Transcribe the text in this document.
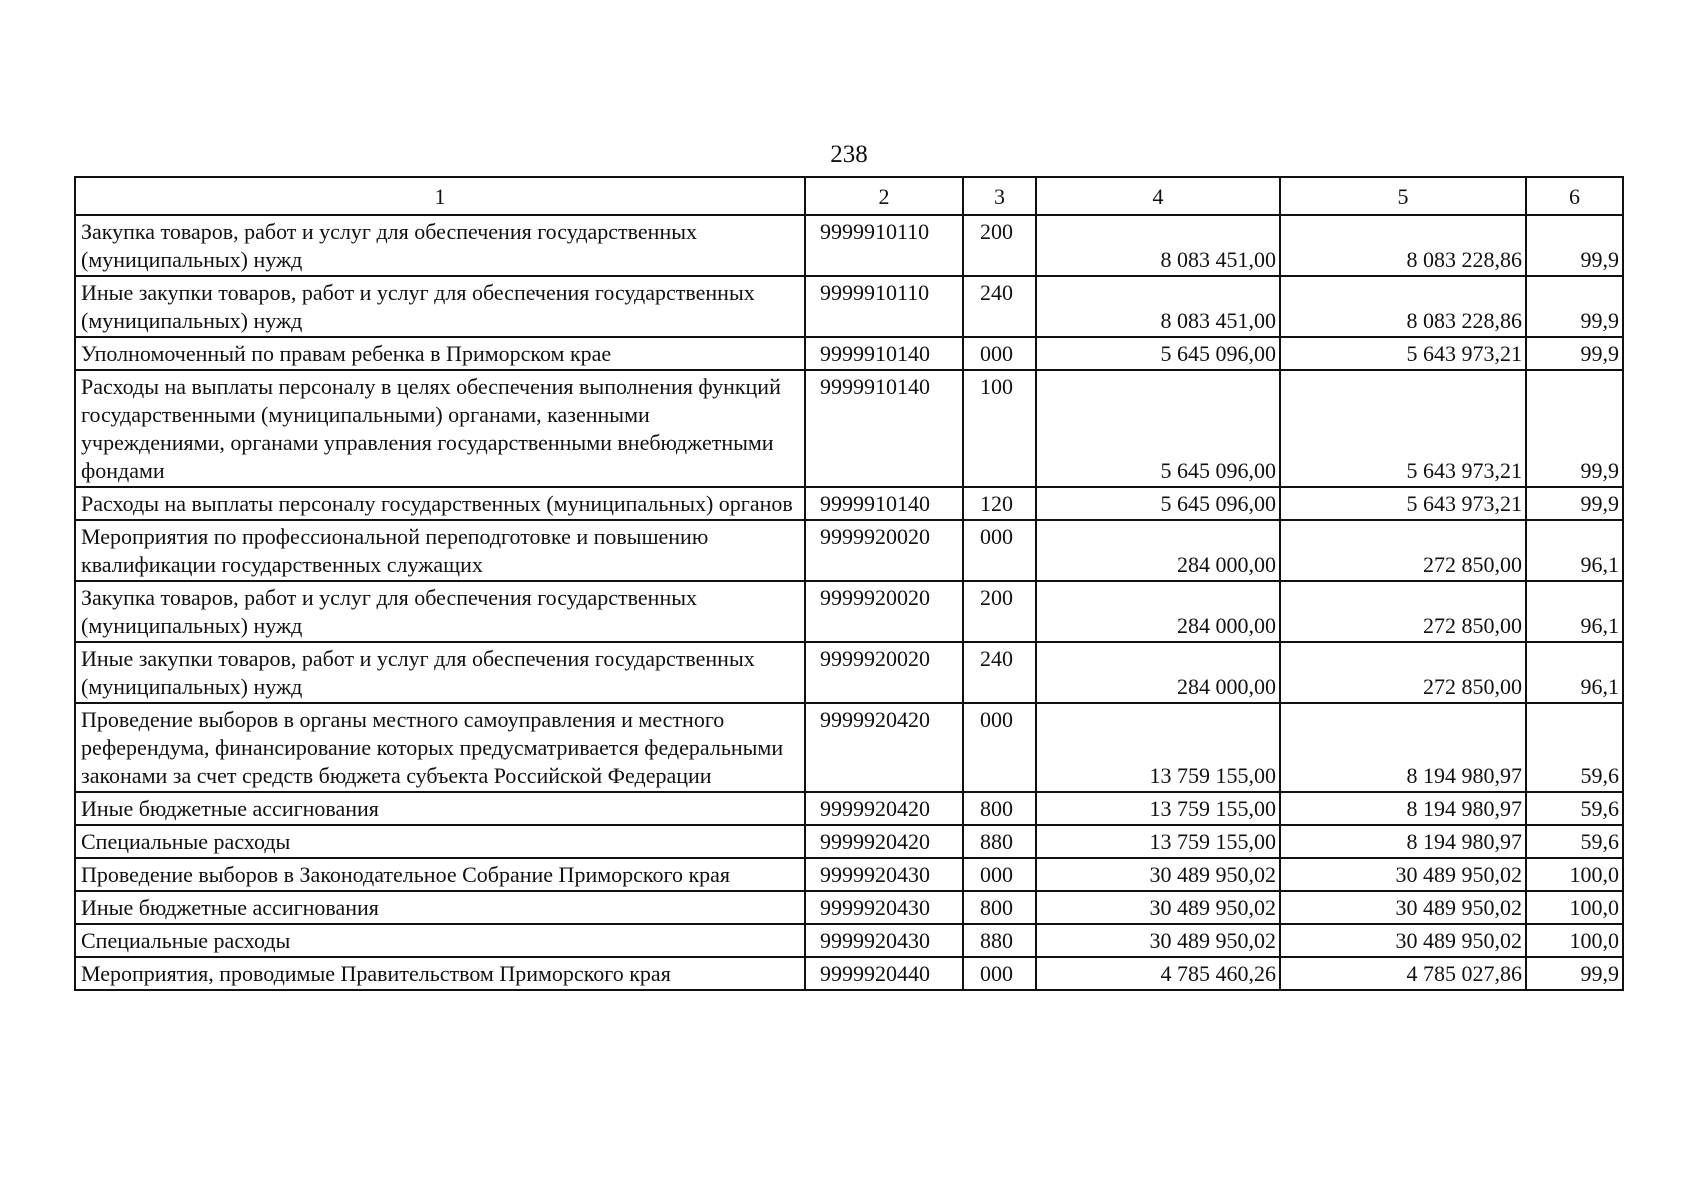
238
1	2	3	4	5	6
Закупка товаров, работ и услуг для обеспечения государственных (муниципальных) нужд	9999910110	200	8 083 451,00	8 083 228,86	99,9
Иные закупки товаров, работ и услуг для обеспечения государственных (муниципальных) нужд	9999910110	240	8 083 451,00	8 083 228,86	99,9
Уполномоченный по правам ребенка в Приморском крае	9999910140	000	5 645 096,00	5 643 973,21	99,9
Расходы на выплаты персоналу в целях обеспечения выполнения функций государственными (муниципальными) органами, казенными учреждениями, органами управления государственными внебюджетными фондами	9999910140	100	5 645 096,00	5 643 973,21	99,9
Расходы на выплаты персоналу государственных (муниципальных) органов	9999910140	120	5 645 096,00	5 643 973,21	99,9
Мероприятия по профессиональной переподготовке и повышению квалификации государственных служащих	9999920020	000	284 000,00	272 850,00	96,1
Закупка товаров, работ и услуг для обеспечения государственных (муниципальных) нужд	9999920020	200	284 000,00	272 850,00	96,1
Иные закупки товаров, работ и услуг для обеспечения государственных (муниципальных) нужд	9999920020	240	284 000,00	272 850,00	96,1
Проведение выборов в органы местного самоуправления и местного референдума, финансирование которых предусматривается федеральными законами за счет средств бюджета субъекта Российской Федерации	9999920420	000	13 759 155,00	8 194 980,97	59,6
Иные бюджетные ассигнования	9999920420	800	13 759 155,00	8 194 980,97	59,6
Специальные расходы	9999920420	880	13 759 155,00	8 194 980,97	59,6
Проведение выборов в Законодательное Собрание Приморского края	9999920430	000	30 489 950,02	30 489 950,02	100,0
Иные бюджетные ассигнования	9999920430	800	30 489 950,02	30 489 950,02	100,0
Специальные расходы	9999920430	880	30 489 950,02	30 489 950,02	100,0
Мероприятия, проводимые Правительством Приморского края	9999920440	000	4 785 460,26	4 785 027,86	99,9
